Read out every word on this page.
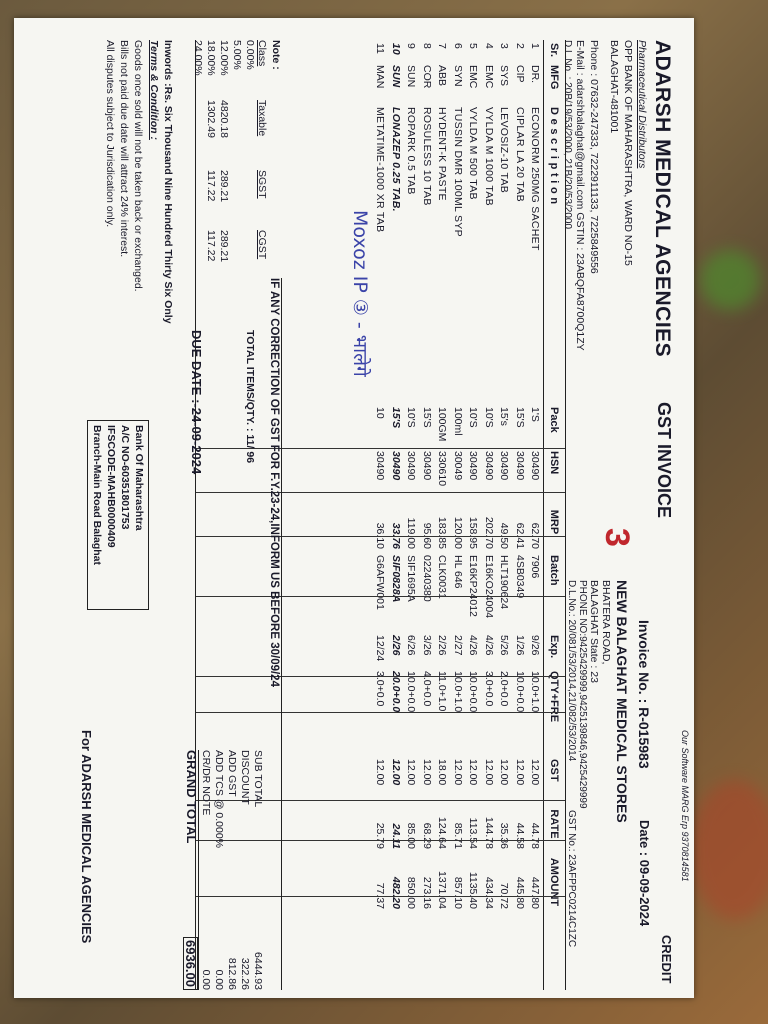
Our Software MARG Erp 9370814581
ADARSH MEDICAL AGENCIES
Pharmaceutical Distributors
OPP BANK OF MAHARASHTRA, WARD NO-15
BALAGHAT-481001
Phone : 07632-247333, 7222911133, 7225849556
E-Mail : adarshbalaghat@gmail.com GSTIN : 23ABQFA8700Q1ZY
D.L.No. : 20B/19/53/2000, 21B/20/53/2000
GST INVOICE
CREDIT
Invoice No. : R-015983
Date : 09-09-2024
NEW BALAGHAT MEDICAL STORES
BHATERA ROAD,
BALAGHAT State : 23
PHONE NO:9425429999,9425139846,9425429999
D.L.No.: 20/081/53/2014,21/082/53/2014
Sr.
MFG
D e s c r i p t i o n
Pack
HSN
MRP
Batch
Exp.
QTY+FRE
GST
RATE
AMOUNT
1
DR.
ECONORM 250MG SACHET
1'S
30490
62.70
7906
9/26
10.0+1.0
12.00
44.78
447.80
2
CIP
CIPLAR LA 20 TAB
15'S
30490
62.41
4SB0349
1/26
10.0+0.0
12.00
44.58
445.80
3
SYS
LEVOSIZ-10 TAB
15's
30490
49.50
HLT190624
5/26
2.0+0.0
12.00
35.36
70.72
4
EMC
VYLDA M 1000 TAB
10'S
30490
202.70
E16KO24004
4/26
3.0+0.0
12.00
144.78
434.34
5
EMC
VYLDA M 500 TAB
10'S
30490
158.95
E16KP24012
4/26
10.0+0.0
12.00
113.54
1135.40
6
SYN
TUSSIN DMR 100ML SYP
100ml
30049
120.00
HL 646
2/27
10.0+1.0
12.00
85.71
857.10
7
ABB
HYDENT-K PASTE
100GM
330610
183.85
CLK0031
2/26
11.0+1.0
18.00
124.64
1371.04
8
COR
ROSULESS 10 TAB
15'S
30490
95.60
02240380
3/26
4.0+0.0
12.00
68.29
273.16
9
SUN
ROPARK 0.5 TAB
10'S
30490
119.00
SIF1695A
6/26
10.0+0.0
12.00
85.00
850.00
10
SUN
LONAZEP 0.25 TAB.
15'S
30490
33.76
SIF0828A
2/26
20.0+0.0
12.00
24.11
482.20
11
MAN
METATIME-1000 XR TAB
10
30490
36.10
G6AFW001
12/24
3.0+0.0
12.00
25.79
77.37
Moxoz IP ③ - भालेगे
3
IF ANY CORRECTION OF GST FOR F.Y.23-24,INFORM US BEFORE 30/09/24
Note :
ClassTaxableSGSTCGST
0.00%
5.00%
12.00%4820.18289.21289.21
18.00%1302.49117.22117.22
24.00%
TOTAL ITEMS/QTY. : 11/ 96
DUE DATE :-24-09-2024
Inwords :Rs. Six Thousand Nine Hundred Thirty Six Only
Terms & Condition :
Goods once sold will not be taken back or exchanged.
Bills not paid due date will attract 24% interest.
All disputes subject to Jurisdication only.
Bank Of Maharashtra
A/C NO-60351801753
IFSCODE-MAHB0000409
Branch-Main Road Balaghat
SUB TOTAL
6444.93
DISCOUNT
322.26
ADD GST
812.86
ADD TCS @ 0.000%
0.00
CR/DR NOTE
0.00
GRAND TOTAL
6936.00
For ADARSH MEDICAL AGENCIES	GST No.: 23AFPPC0214C1ZC
